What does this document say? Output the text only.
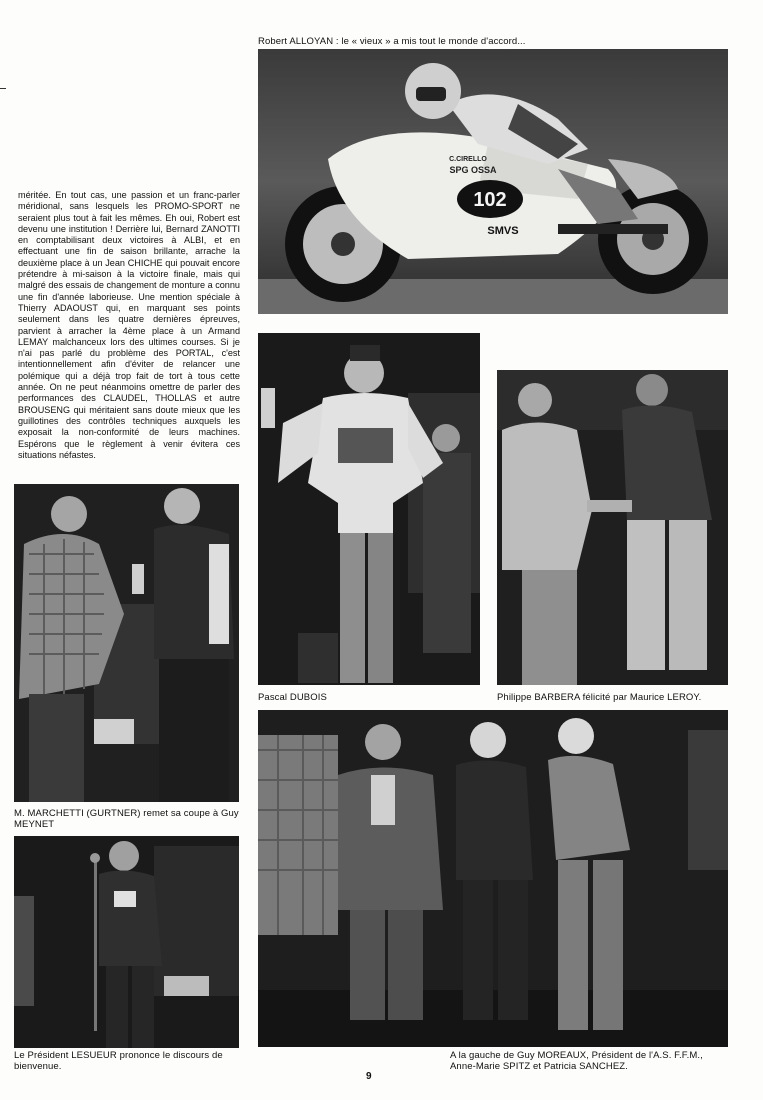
Robert ALLOYAN : le « vieux » a mis tout le monde d'accord...
102
SMVS
C.CIRELLO
SPG OSSA
méritée. En tout cas, une passion et un franc-parler méridional, sans lesquels les PROMO-SPORT ne seraient plus tout à fait les mêmes. Eh oui, Robert est devenu une institution ! Derrière lui, Bernard ZANOTTI en comptabilisant deux victoires à ALBI, et en effectuant une fin de saison brillante, arrache la deuxième place à un Jean CHICHE qui pouvait encore prétendre à mi-saison à la victoire finale, mais qui malgré des essais de changement de monture a connu une fin d'année laborieuse. Une mention spéciale à Thierry ADAOUST qui, en marquant ses points seulement dans les quatre dernières épreuves, parvient à arracher la 4ème place à un Armand LEMAY malchanceux lors des ultimes courses. Si je n'ai pas parlé du problème des PORTAL, c'est intentionnellement afin d'éviter de relancer une polémique qui a déjà trop fait de tort à tous cette année. On ne peut néanmoins omettre de parler des performances des CLAUDEL, THOLLAS et autre BROUSENG qui méritaient sans doute mieux que les guillotines des contrôles techniques auxquels les exposait la non-conformité de leurs machines. Espérons que le règlement à venir évitera ces situations néfastes.
Pascal DUBOIS	Philippe BARBERA félicité par Maurice LEROY.
M. MARCHETTI (GURTNER) remet sa coupe à Guy MEYNET
Le Président LESUEUR prononce le discours de bienvenue.
A la gauche de Guy MOREAUX, Président de l'A.S. F.F.M.,
Anne-Marie SPITZ et Patricia SANCHEZ.
9
